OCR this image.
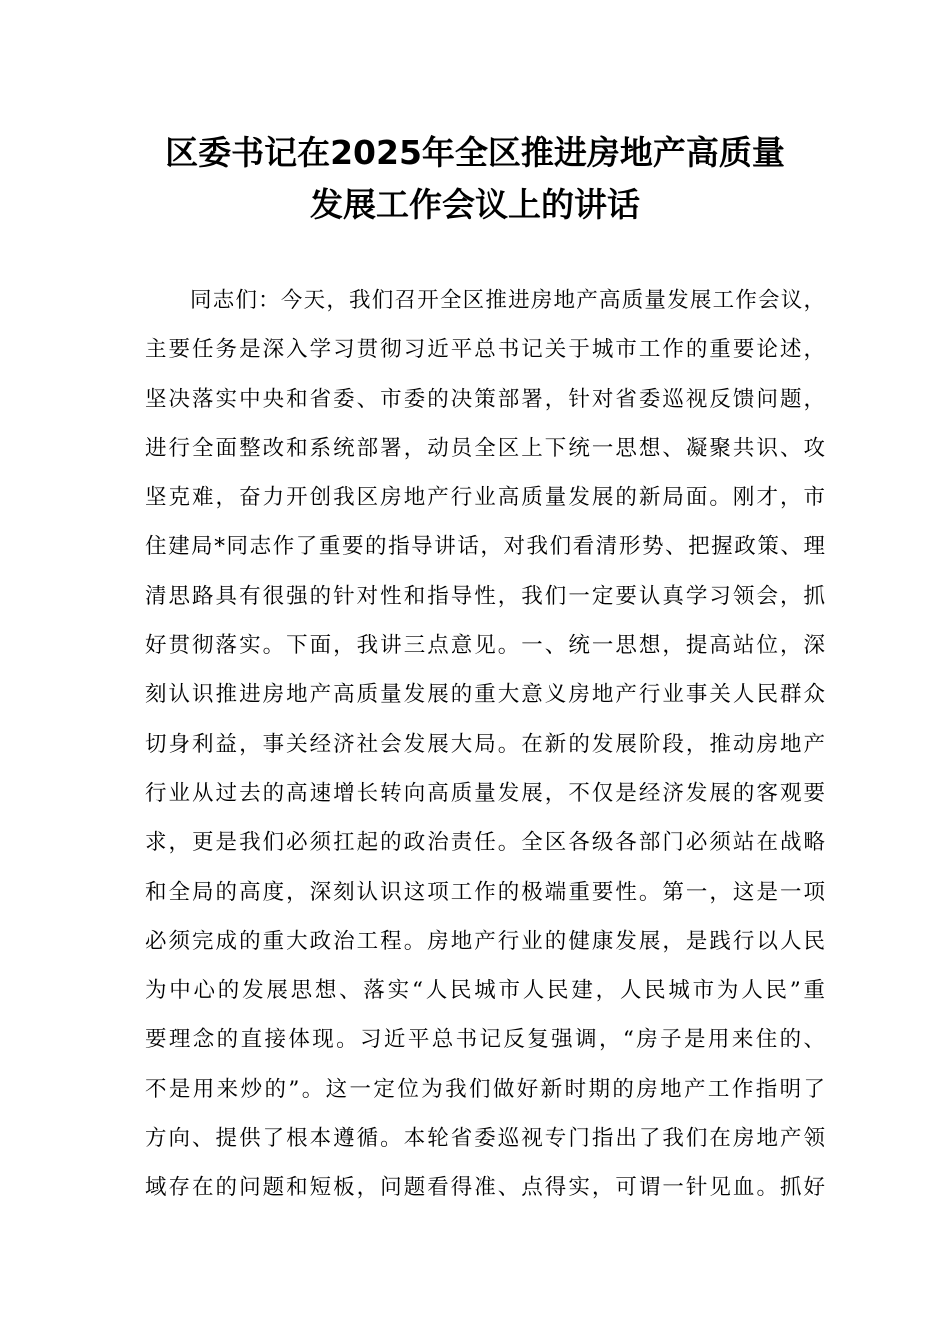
区委书记在2025年全区推进房地产高质量
发展工作会议上的讲话
同志们：今天，我们召开全区推进房地产高质量发展工作会议，
主要任务是深入学习贯彻习近平总书记关于城市工作的重要论述，
坚决落实中央和省委、市委的决策部署，针对省委巡视反馈问题，
进行全面整改和系统部署，动员全区上下统一思想、凝聚共识、攻
坚克难，奋力开创我区房地产行业高质量发展的新局面。刚才，市
住建局*同志作了重要的指导讲话，对我们看清形势、把握政策、理
清思路具有很强的针对性和指导性，我们一定要认真学习领会，抓
好贯彻落实。下面，我讲三点意见。一、统一思想，提高站位，深
刻认识推进房地产高质量发展的重大意义房地产行业事关人民群众
切身利益，事关经济社会发展大局。在新的发展阶段，推动房地产
行业从过去的高速增长转向高质量发展，不仅是经济发展的客观要
求，更是我们必须扛起的政治责任。全区各级各部门必须站在战略
和全局的高度，深刻认识这项工作的极端重要性。第一，这是一项
必须完成的重大政治工程。房地产行业的健康发展，是践行以人民
为中心的发展思想、落实“人民城市人民建，人民城市为人民”重
要理念的直接体现。习近平总书记反复强调，“房子是用来住的、
不是用来炒的”。这一定位为我们做好新时期的房地产工作指明了
方向、提供了根本遵循。本轮省委巡视专门指出了我们在房地产领
域存在的问题和短板，问题看得准、点得实，可谓一针见血。抓好
